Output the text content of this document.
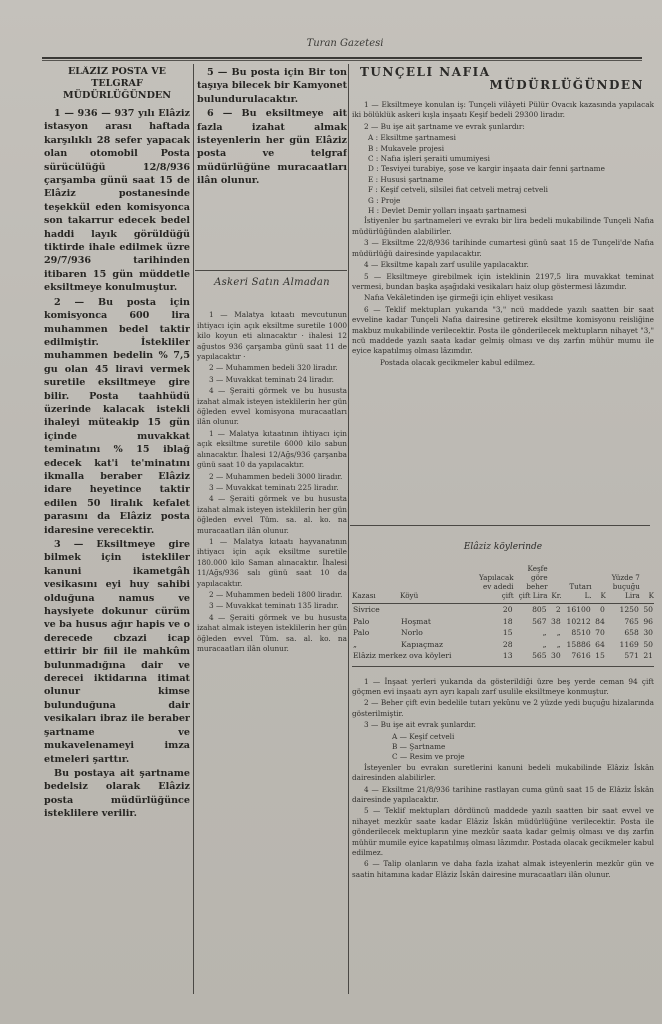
Turan Gazetesi
ELÂZİZ POSTA VE TELGRAF MÜDÜRLÜĞÜNDEN

1 — 936 — 937 yılı Elâziz istasyon arası haftada karşılıklı 28 sefer yapacak olan otomobil Posta sürücülüğü 12/8/936 çarşamba günü saat 15 de Elâziz postanesinde teşekkül eden komisyonca son takarrur edecek bedel haddi layık görüldüğü tiktirde ihale edilmek üzre 29/7/936 tarihinden itibaren 15 gün müddetle eksiltmeye konulmuştur.

2 — Bu posta için komisyonca 600 lira muhammen bedel taktir edilmiştir. İstekliler muhammen bedelin % 7,5 gu olan 45 liravi vermek suretile eksiltmeye gire bilir. Posta taahhüdü üzerinde kalacak istekli ihaleyi müteakip 15 gün içinde muvakkat teminatını % 15 iblağ edecek kat'i te'minatını ikmalla beraber Elâziz idare heyetince taktir edilen 50 liralık kefalet parasını da Elâziz posta idaresine verecektir.

3 — Eksiltmeye gire bilmek için istekliler kanuni ikametgâh vesikasını eyi huy sahibi olduğuna namus ve haysiyete dokunur cürüm ve ba husus ağır hapis ve o derecede cbzazi icap ettirir bir fiil ile mahkûm bulunmadığına dair ve derecei iktidarına itimat olunur kimse bulunduğuna dair vesikaları ibraz ile beraber şartname ve mukavelenameyi imza etmeleri şarttır.

Bu postaya ait şartname bedelsiz olarak Elâziz posta müdürlüğünce isteklilere verilir.

5 — Bu posta için Bir ton taşıya bilecek bir Kamyonet bulundurulacaktır.

6 — Bu eksiltmeye ait fazla izahat almak isteyenlerin her gün Elâziz posta ve telgraf müdürlüğüne muracaatları ilân olunur.

Askeri Satın Almadan

1 — Malatya kıtaatı mevcutunun ihtiyacı için açık eksiltme suretile 1000 kilo koyun eti alınacaktır · ihalesi 12 ağustos 936 çarşamba günü saat 11 de yapılacaktır ·

2 — Muhammen bedeli 320 liradır.

3 — Muvakkat teminatı 24 liradır.

4 — Şeraiti görmek ve bu hususta izahat almak isteyen isteklilerin her gün öğleden evvel komisyona muracaatları ilân olunur.

1 — Malatya kıtaatının ihtiyacı için açık eksiltme suretile 6000 kilo sabun alınacaktır. İhalesi 12/Ağs/936 çarşanba günü saat 10 da yapılacaktır.

2 — Muhammen bedeli 3000 liradır.

3 — Muvakkat teminatı 225 liradır.

4 — Şeraiti görmek ve bu hususta izahat almak isteyen isteklilerin her gün öğleden evvel Tüm. sa. al. ko. na muracaatları ilân olunur.

1 — Malatya kıtaatı hayvanatının ihtiyacı için açık eksiltme suretile 180.000 kilo Saman alınacaktır. İhalesi 11/Ağs/936 salı günü saat 10 da yapılacaktır.

2 — Muhammen bedeli 1800 liradır.

3 — Muvakkat teminatı 135 liradır.

4 — Şeraiti görmek ve bu hususta izahat almak isteyen isteklilerin her gün öğleden evvel Tüm. sa. al. ko. na muracaatları ilân olunur.

TUNÇELİ NAFIA
MÜDÜRLÜĞÜNDEN

1 — Eksiltmeye konulan iş: Tunçeli vilâyeti Pülür Ovacık kazasında yapılacak iki bölüklük askeri kışla inşaatı Keşif bedeli 29300 liradır.

2 — Bu işe ait şartname ve evrak şunlardır:

A : Eksiltme şartnamesi

B : Mukavele projesi

C : Nafıa işleri şeraiti umumiyesi

D : Tesviyei turabiye, şose ve kargir inşaata dair fenni şartname

E : Hususi şartname

F : Keşif cetveli, silsilei fiat cetveli metraj cetveli

G : Proje

H : Devlet Demir yolları inşaatı şartnamesi

İstiyenler bu şartnameleri ve evrakı bir lira bedeli mukabilinde Tunçeli Nafıa müdürlüğünden alabilirler.

3 — Eksiltme 22/8/936 tarihinde cumartesi günü saat 15 de Tunçeli'de Nafıa müdürlüğü dairesinde yapılacaktır.

4 — Eksiltme kapalı zarf usulile yapılacaktır.

5 — Eksiltmeye girebilmek için isteklinin 2197,5 lira muvakkat teminat vermesi, bundan başka aşağıdaki vesikaları haiz olup göstermesi lâzımdır.

Nafıa Vekâletinden işe girmeği için ehliyet vesikası

6 — Teklif mektupları yukarıda "3," ncü maddede yazılı saatten bir saat evveline kadar Tunçeli Nafıa dairesine getirerek eksiltme komisyonu reisliğine makbuz mukabilinde verilecektir. Posta ile gönderilecek mektupların nihayet "3," ncü maddede yazılı saata kadar gelmiş olması ve dış zarfın mühür mumu ile eyice kapatılmış olması lâzımdır.

Postada olacak gecikmeler kabul edilmez.

Elâziz köylerinde
Kazası	Köyü	Yapılacak ev adedi çift	Keşfe göre beher çift Lira	Kr.	Tutarı L.	K	Yüzde 7 buçuğu Lira	K
Sivrice		20	805	2	16100	0	1250	50
Palo	Hoşmat	18	567	38	10212	84	765	96
Palo	Norlo	15	„	„	8510	70	658	30
„	Kapıaçmaz	28	„	„	15886	64	1169	50
Elâziz merkez ova köyleri		13	565	30	7616	15	571	21

1 — İnşaat yerleri yukarıda da gösterildiği üzre beş yerde ceman 94 çift göçmen evi inşaatı ayrı ayrı kapalı zarf usulile eksiltmeye konmuştur.

2 — Beher çift evin bedelile tutarı yekûnu ve 2 yüzde yedi buçuğu hizalarında gösterilmiştir.

3 — Bu işe ait evrak şunlardır.

A — Keşif cetveli

B — Şartname

C — Resim ve proje

İsteyenler bu evrakın suretlerini kanuni bedeli mukabilinde Elâziz İskân dairesinden alabilirler.

4 — Eksiltme 21/8/936 tarihine rastlayan cuma günü saat 15 de Elâziz İskân dairesinde yapılacaktır.

5 — Teklif mektupları dördüncü maddede yazılı saatten bir saat evvel ve nihayet mezkûr saate kadar Elâziz İskân müdürlüğüne verilecektir. Posta ile gönderilecek mektupların yine mezkûr saata kadar gelmiş olması ve dış zarfın mühür mumile eyice kapatılmış olması lâzımdır. Postada olacak gecikmeler kabul edilmez.

6 — Talip olanların ve daha fazla izahat almak isteyenlerin mezkûr gün ve saatin hitamına kadar Elâziz İskân dairesine muracaatları ilân olunur.
